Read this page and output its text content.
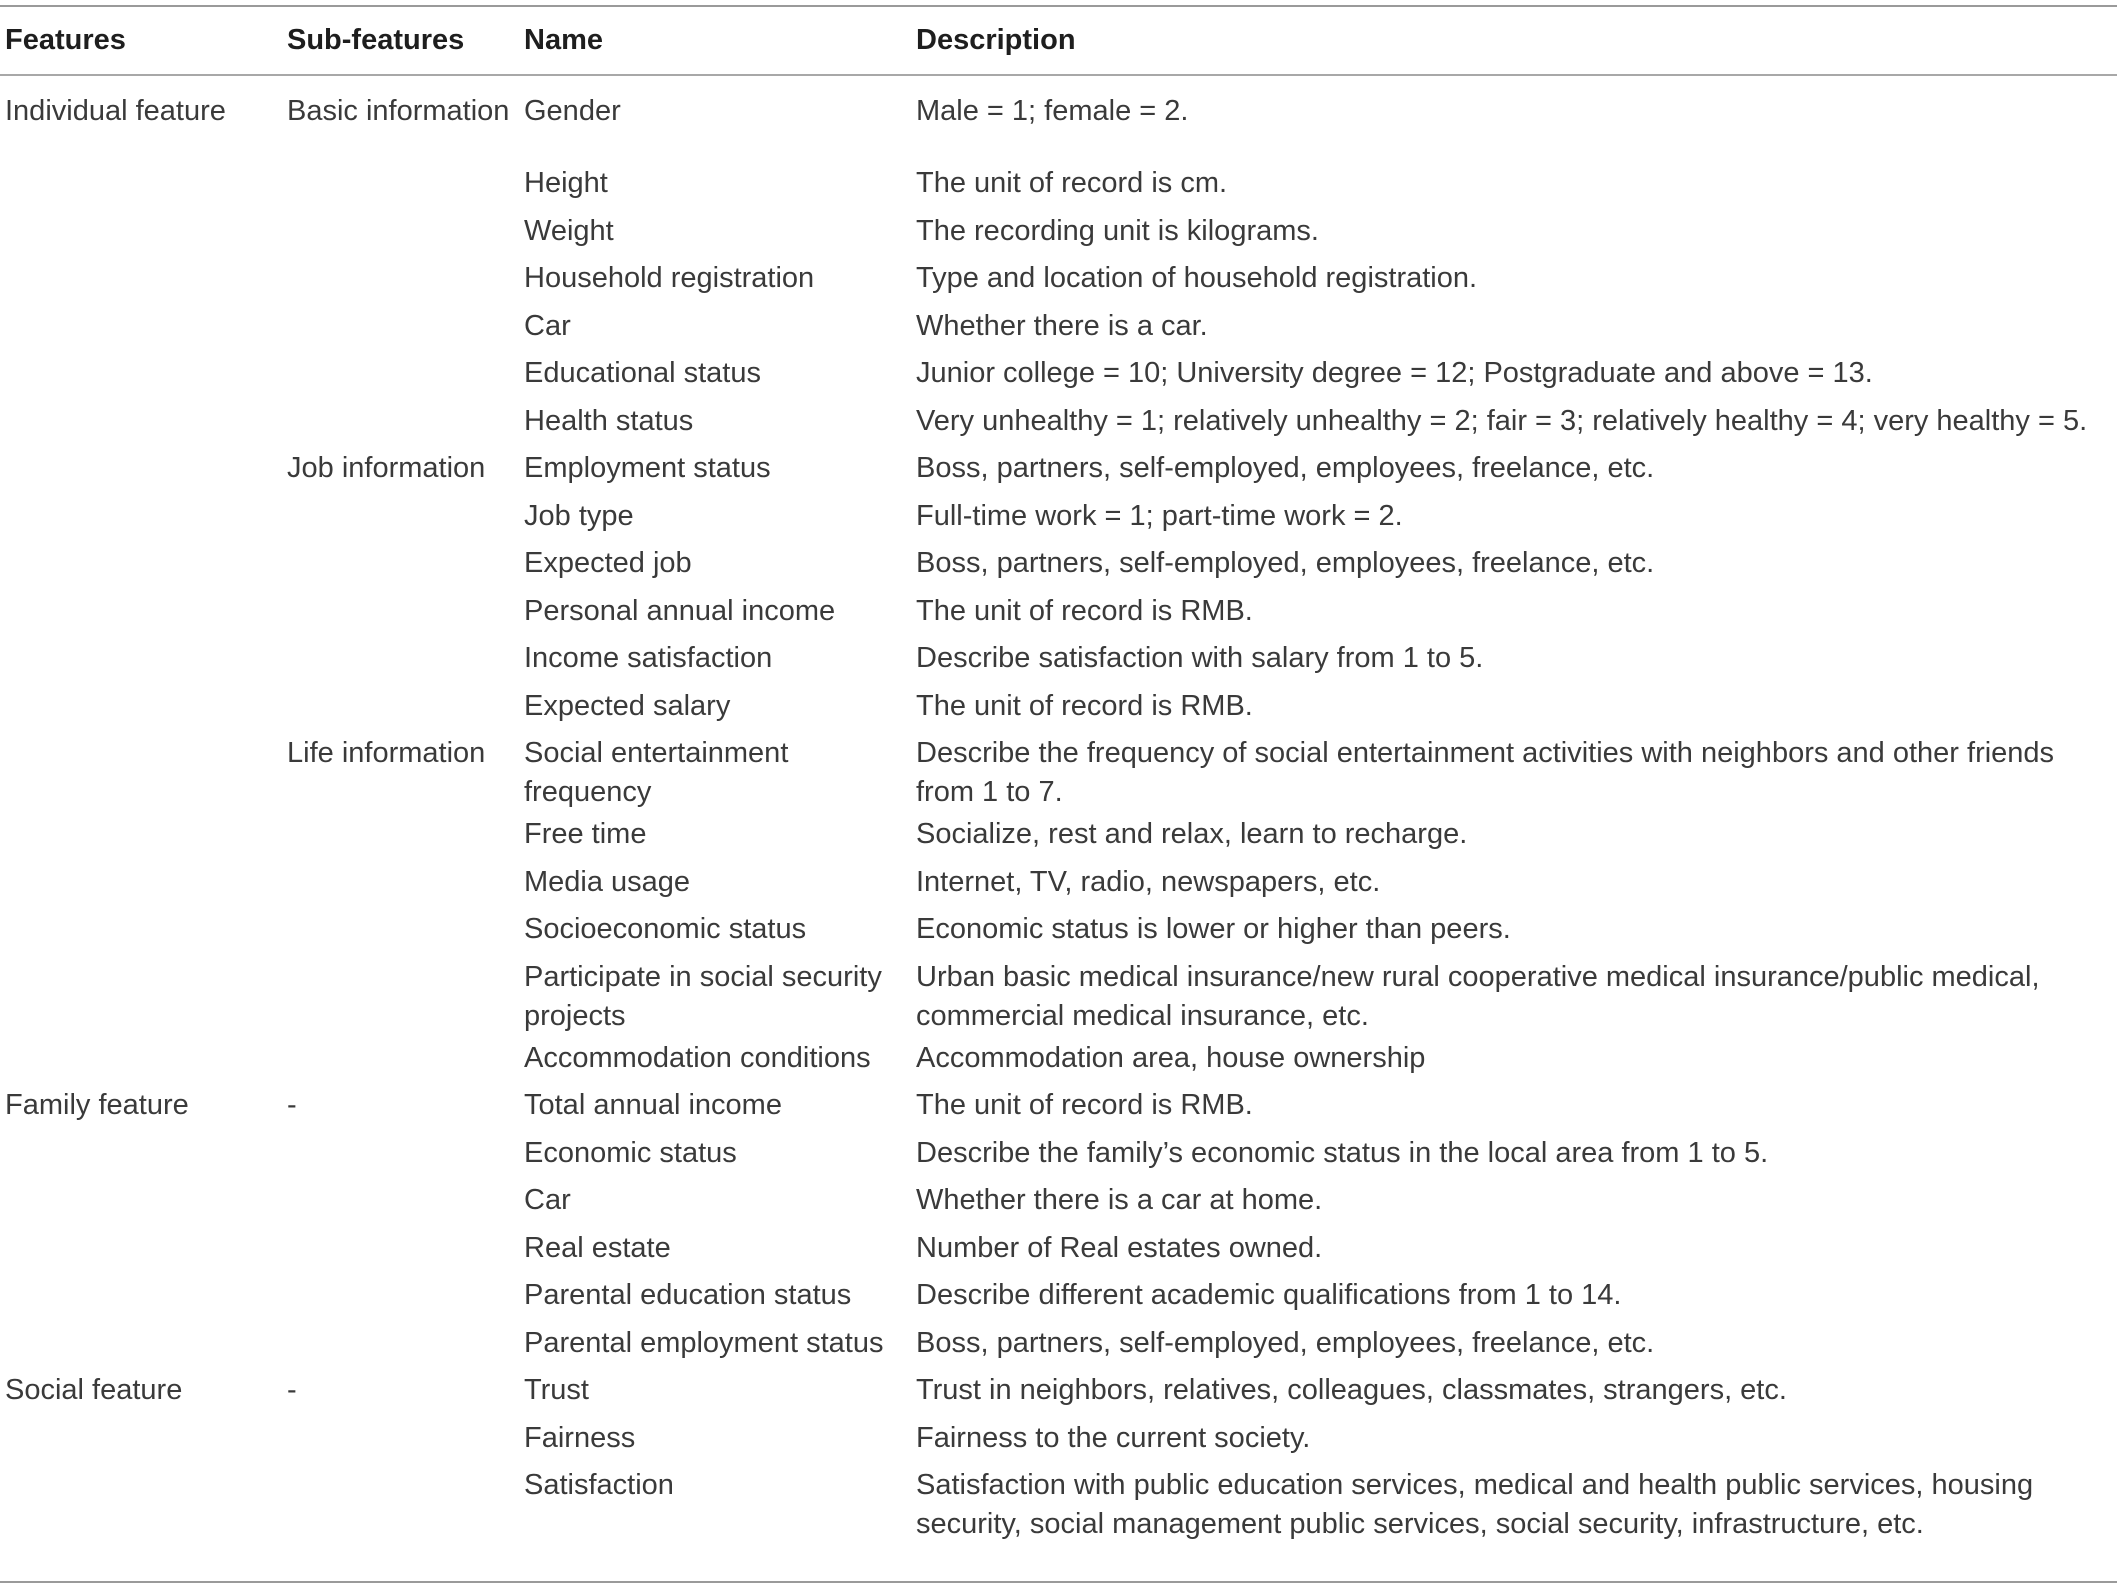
Features	Sub-features	Name	Description
Individual feature	Basic information	Gender	Male = 1; female = 2.
		Height	The unit of record is cm.
		Weight	The recording unit is kilograms.
		Household registration	Type and location of household registration.
		Car	Whether there is a car.
		Educational status	Junior college = 10; University degree = 12; Postgraduate and above = 13.
		Health status	Very unhealthy = 1; relatively unhealthy = 2; fair = 3; relatively healthy = 4; very healthy = 5.
	Job information	Employment status	Boss, partners, self-employed, employees, freelance, etc.
		Job type	Full-time work = 1; part-time work = 2.
		Expected job	Boss, partners, self-employed, employees, freelance, etc.
		Personal annual income	The unit of record is RMB.
		Income satisfaction	Describe satisfaction with salary from 1 to 5.
		Expected salary	The unit of record is RMB.
	Life information	Social entertainment frequency	Describe the frequency of social entertainment activities with neighbors and other friends from 1 to 7.
		Free time	Socialize, rest and relax, learn to recharge.
		Media usage	Internet, TV, radio, newspapers, etc.
		Socioeconomic status	Economic status is lower or higher than peers.
		Participate in social security projects	Urban basic medical insurance/new rural cooperative medical insurance/public medical, commercial medical insurance, etc.
		Accommodation conditions	Accommodation area, house ownership
Family feature	-	Total annual income	The unit of record is RMB.
		Economic status	Describe the family’s economic status in the local area from 1 to 5.
		Car	Whether there is a car at home.
		Real estate	Number of Real estates owned.
		Parental education status	Describe different academic qualifications from 1 to 14.
		Parental employment status	Boss, partners, self-employed, employees, freelance, etc.
Social feature	-	Trust	Trust in neighbors, relatives, colleagues, classmates, strangers, etc.
		Fairness	Fairness to the current society.
		Satisfaction	Satisfaction with public education services, medical and health public services, housing security, social management public services, social security, infrastructure, etc.
